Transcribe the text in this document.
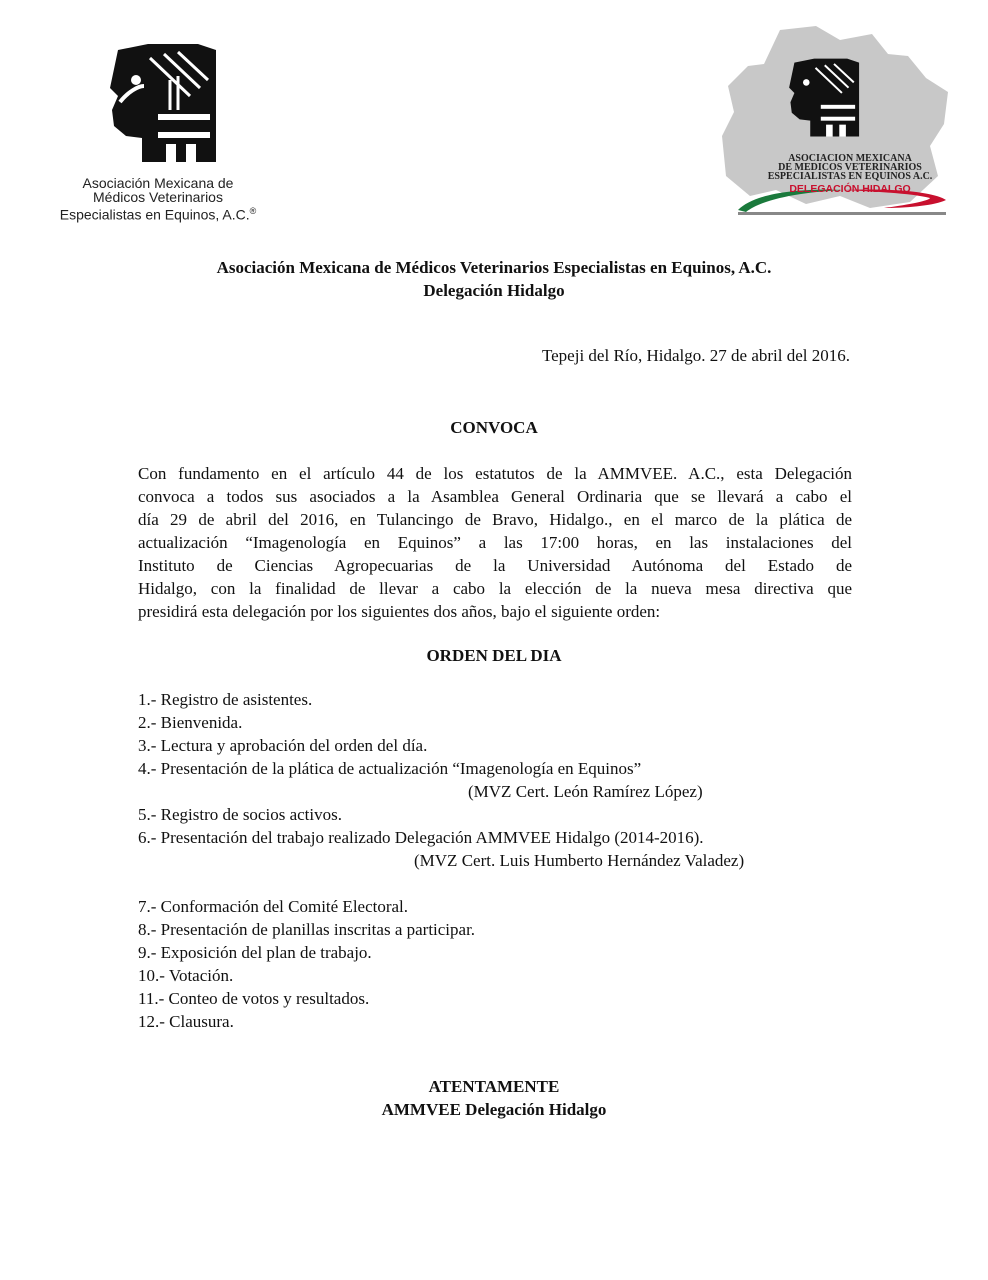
Asociación Mexicana de
Médicos Veterinarios
Especialistas en Equinos, A.C.®
ASOCIACION MEXICANA
DE MEDICOS VETERINARIOS
ESPECIALISTAS EN EQUINOS A.C.
DELEGACIÓN HIDALGO
Asociación Mexicana de Médicos Veterinarios Especialistas en Equinos, A.C.
Delegación Hidalgo
Tepeji del Río, Hidalgo. 27 de abril del 2016.
CONVOCA
Con fundamento en el artículo 44 de los estatutos de la AMMVEE. A.C., esta Delegación
convoca a todos sus asociados a la Asamblea General Ordinaria que se llevará a cabo el
día 29 de abril del 2016, en Tulancingo de Bravo, Hidalgo., en el marco de la plática de
actualización “Imagenología en Equinos” a las 17:00 horas, en las instalaciones del
Instituto de Ciencias Agropecuarias de la Universidad Autónoma del Estado de
Hidalgo, con la finalidad de llevar a cabo la elección de la nueva mesa directiva que
presidirá esta delegación por los siguientes dos años, bajo el siguiente orden:
ORDEN DEL DIA
1.- Registro de asistentes.
2.- Bienvenida.
3.- Lectura y aprobación del orden del día.
4.- Presentación de la plática de actualización “Imagenología en Equinos”
(MVZ Cert. León Ramírez López)
5.- Registro de socios activos.
6.- Presentación del trabajo realizado Delegación AMMVEE Hidalgo (2014-2016).
(MVZ Cert. Luis Humberto Hernández Valadez)
7.- Conformación del Comité Electoral.
8.- Presentación de planillas inscritas a participar.
9.- Exposición del plan de trabajo.
10.- Votación.
11.- Conteo de votos y resultados.
12.- Clausura.
ATENTAMENTE
AMMVEE Delegación Hidalgo
